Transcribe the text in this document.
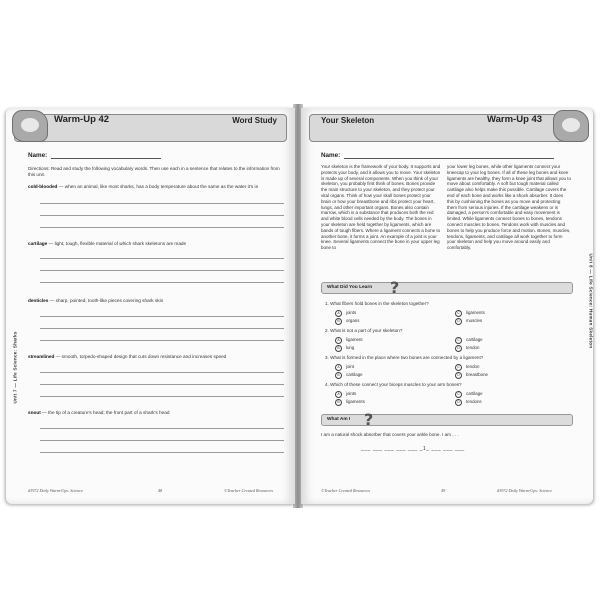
Warm-Up 42	Word Study
Name:
Directions: Read and study the following vocabulary words. Then use each in a sentence that relates to the information from this unit.
cold-blooded — when an animal, like most sharks, has a body temperature about the same as the water it's in
cartilage — light, tough, flexible material of which shark skeletons are made
denticles — sharp, pointed, tooth-like pieces covering shark skin
streamlined — smooth, torpedo-shaped design that cuts down resistance and increases speed
snout — the tip of a creature's head; the front part of a shark's head
Unit 7 — Life Science: Sharks
#3972 Daily Warm-Ups: Science	48	©Teacher Created Resources
Your Skeleton	Warm-Up 43
Name:
Your skeleton is the framework of your body. It supports and protects your body, and it allows you to move. Your skeleton is made up of several components. When you think of your skeleton, you probably first think of bones. Bones provide the main structure to your skeleton, and they protect your vital organs. Think of how your skull bones protect your brain or how your breastbone and ribs protect your heart, lungs, and other important organs. Bones also contain marrow, which is a substance that produces both the red and white blood cells needed by the body. The bones in your skeleton are held together by ligaments, which are bands of tough fibers. Where a ligament connects a bone to another bone, it forms a joint. An example of a joint is your knee. Several ligaments connect the bone in your upper leg bone to
your lower leg bones, while other ligaments connect your kneecap to your leg bones. If all of these leg bones and knee ligaments are healthy, they form a knee joint that allows you to move about comfortably. A soft but tough material called cartilage also helps make this possible. Cartilage covers the end of each bone and works like a shock absorber. It does this by cushioning the bones as you move and protecting them from serious injuries. If the cartilage weakens or is damaged, a person's comfortable and easy movement is limited. While ligaments connect bones to bones, tendons connect muscles to bones. Tendons work with muscles and bones to help you produce force and motion. Bones, muscles, tendons, ligaments, and cartilage all work together to form your skeleton and help you move around easily and comfortably.
What Did You Learn ?
1. What fibers hold bones in the skeleton together?
A joints	C ligaments
B organs	D muscles
2. What is not a part of your skeleton?
A ligament	C cartilage
B lung	D tendon
3. What is formed in the place where two bones are connected by a ligament?
A joint	C tendon
B cartilage	D breastbone
4. Which of these connect your biceps muscles to your arm bones?
A joints	C cartilage
B ligaments	D tendons
What Am I ?
I am a natural shock absorber that covers your ankle bone. I am . . .
___ ___ ___ ___ ___ _1_ ___ ___ ___
Unit 8 — Life Science: Human Skeleton
©Teacher Created Resources	49	#3972 Daily Warm-Ups: Science
